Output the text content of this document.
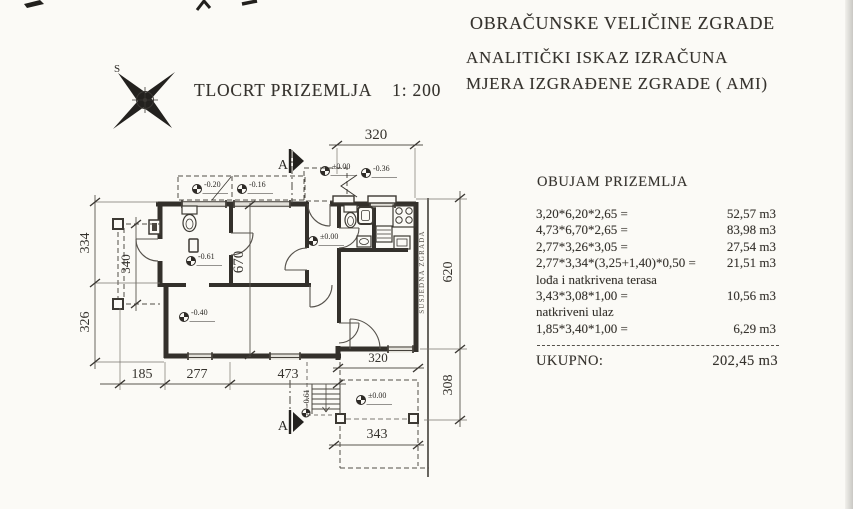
OBRAČUNSKE VELIČINE ZGRADE
ANALITIČKI ISKAZ IZRAČUNA
MJERA IZGRAĐENE ZGRADE ( AMI)
TLOCRT PRIZEMLJA 1: 200
OBUJAM PRIZEMLJA
3,20*6,20*2,65 =	52,57 m3
4,73*6,70*2,65 =	83,98 m3
2,77*3,26*3,05 =	27,54 m3
2,77*3,34*(3,25+1,40)*0,50 = 21,51 m3
lođa i natkrivena terasa
3,43*3,08*1,00 =	10,56 m3
natkriveni ulaz
1,85*3,40*1,00 =	6,29 m3
UKUPNO:	202,45 m3
S
A
A
320
334
326
340	670	620
308
185 277	473
320
343
-0.20	-0.16
±0.00	-0.36
±0.00
-0.61
-0.40
±0.00
-0.61
SUSJEDNA ZGRADA
